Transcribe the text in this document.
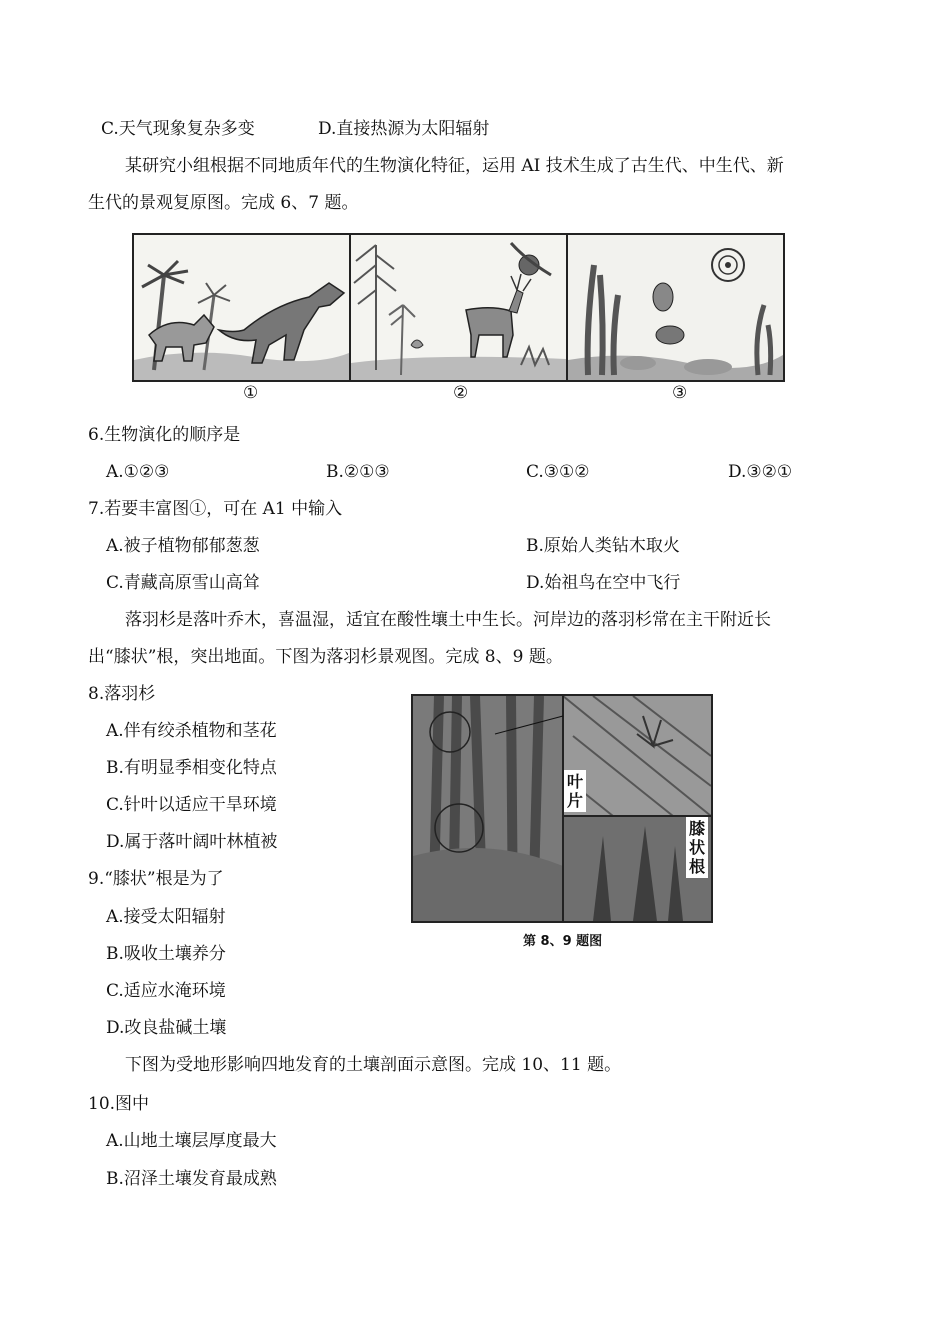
C.天气现象复杂多变	D.直接热源为太阳辐射
某研究小组根据不同地质年代的生物演化特征，运用 AI 技术生成了古生代、中生代、新
生代的景观复原图。完成 6、7 题。
①	②	③
6.生物演化的顺序是
A.①②③	B.②①③	C.③①②	D.③②①
7.若要丰富图①，可在 A1 中输入
A.被子植物郁郁葱葱	B.原始人类钻木取火
C.青藏高原雪山高耸	D.始祖鸟在空中飞行
落羽杉是落叶乔木，喜温湿，适宜在酸性壤土中生长。河岸边的落羽杉常在主干附近长
出“膝状”根，突出地面。下图为落羽杉景观图。完成 8、9 题。
8.落羽杉
A.伴有绞杀植物和茎花
B.有明显季相变化特点
C.针叶以适应干旱环境
D.属于落叶阔叶林植被
9.“膝状”根是为了
A.接受太阳辐射
B.吸收土壤养分
C.适应水淹环境
D.改良盐碱土壤
叶片
膝状根
第 8、9 题图
下图为受地形影响四地发育的土壤剖面示意图。完成 10、11 题。
10.图中
A.山地土壤层厚度最大
B.沼泽土壤发育最成熟
